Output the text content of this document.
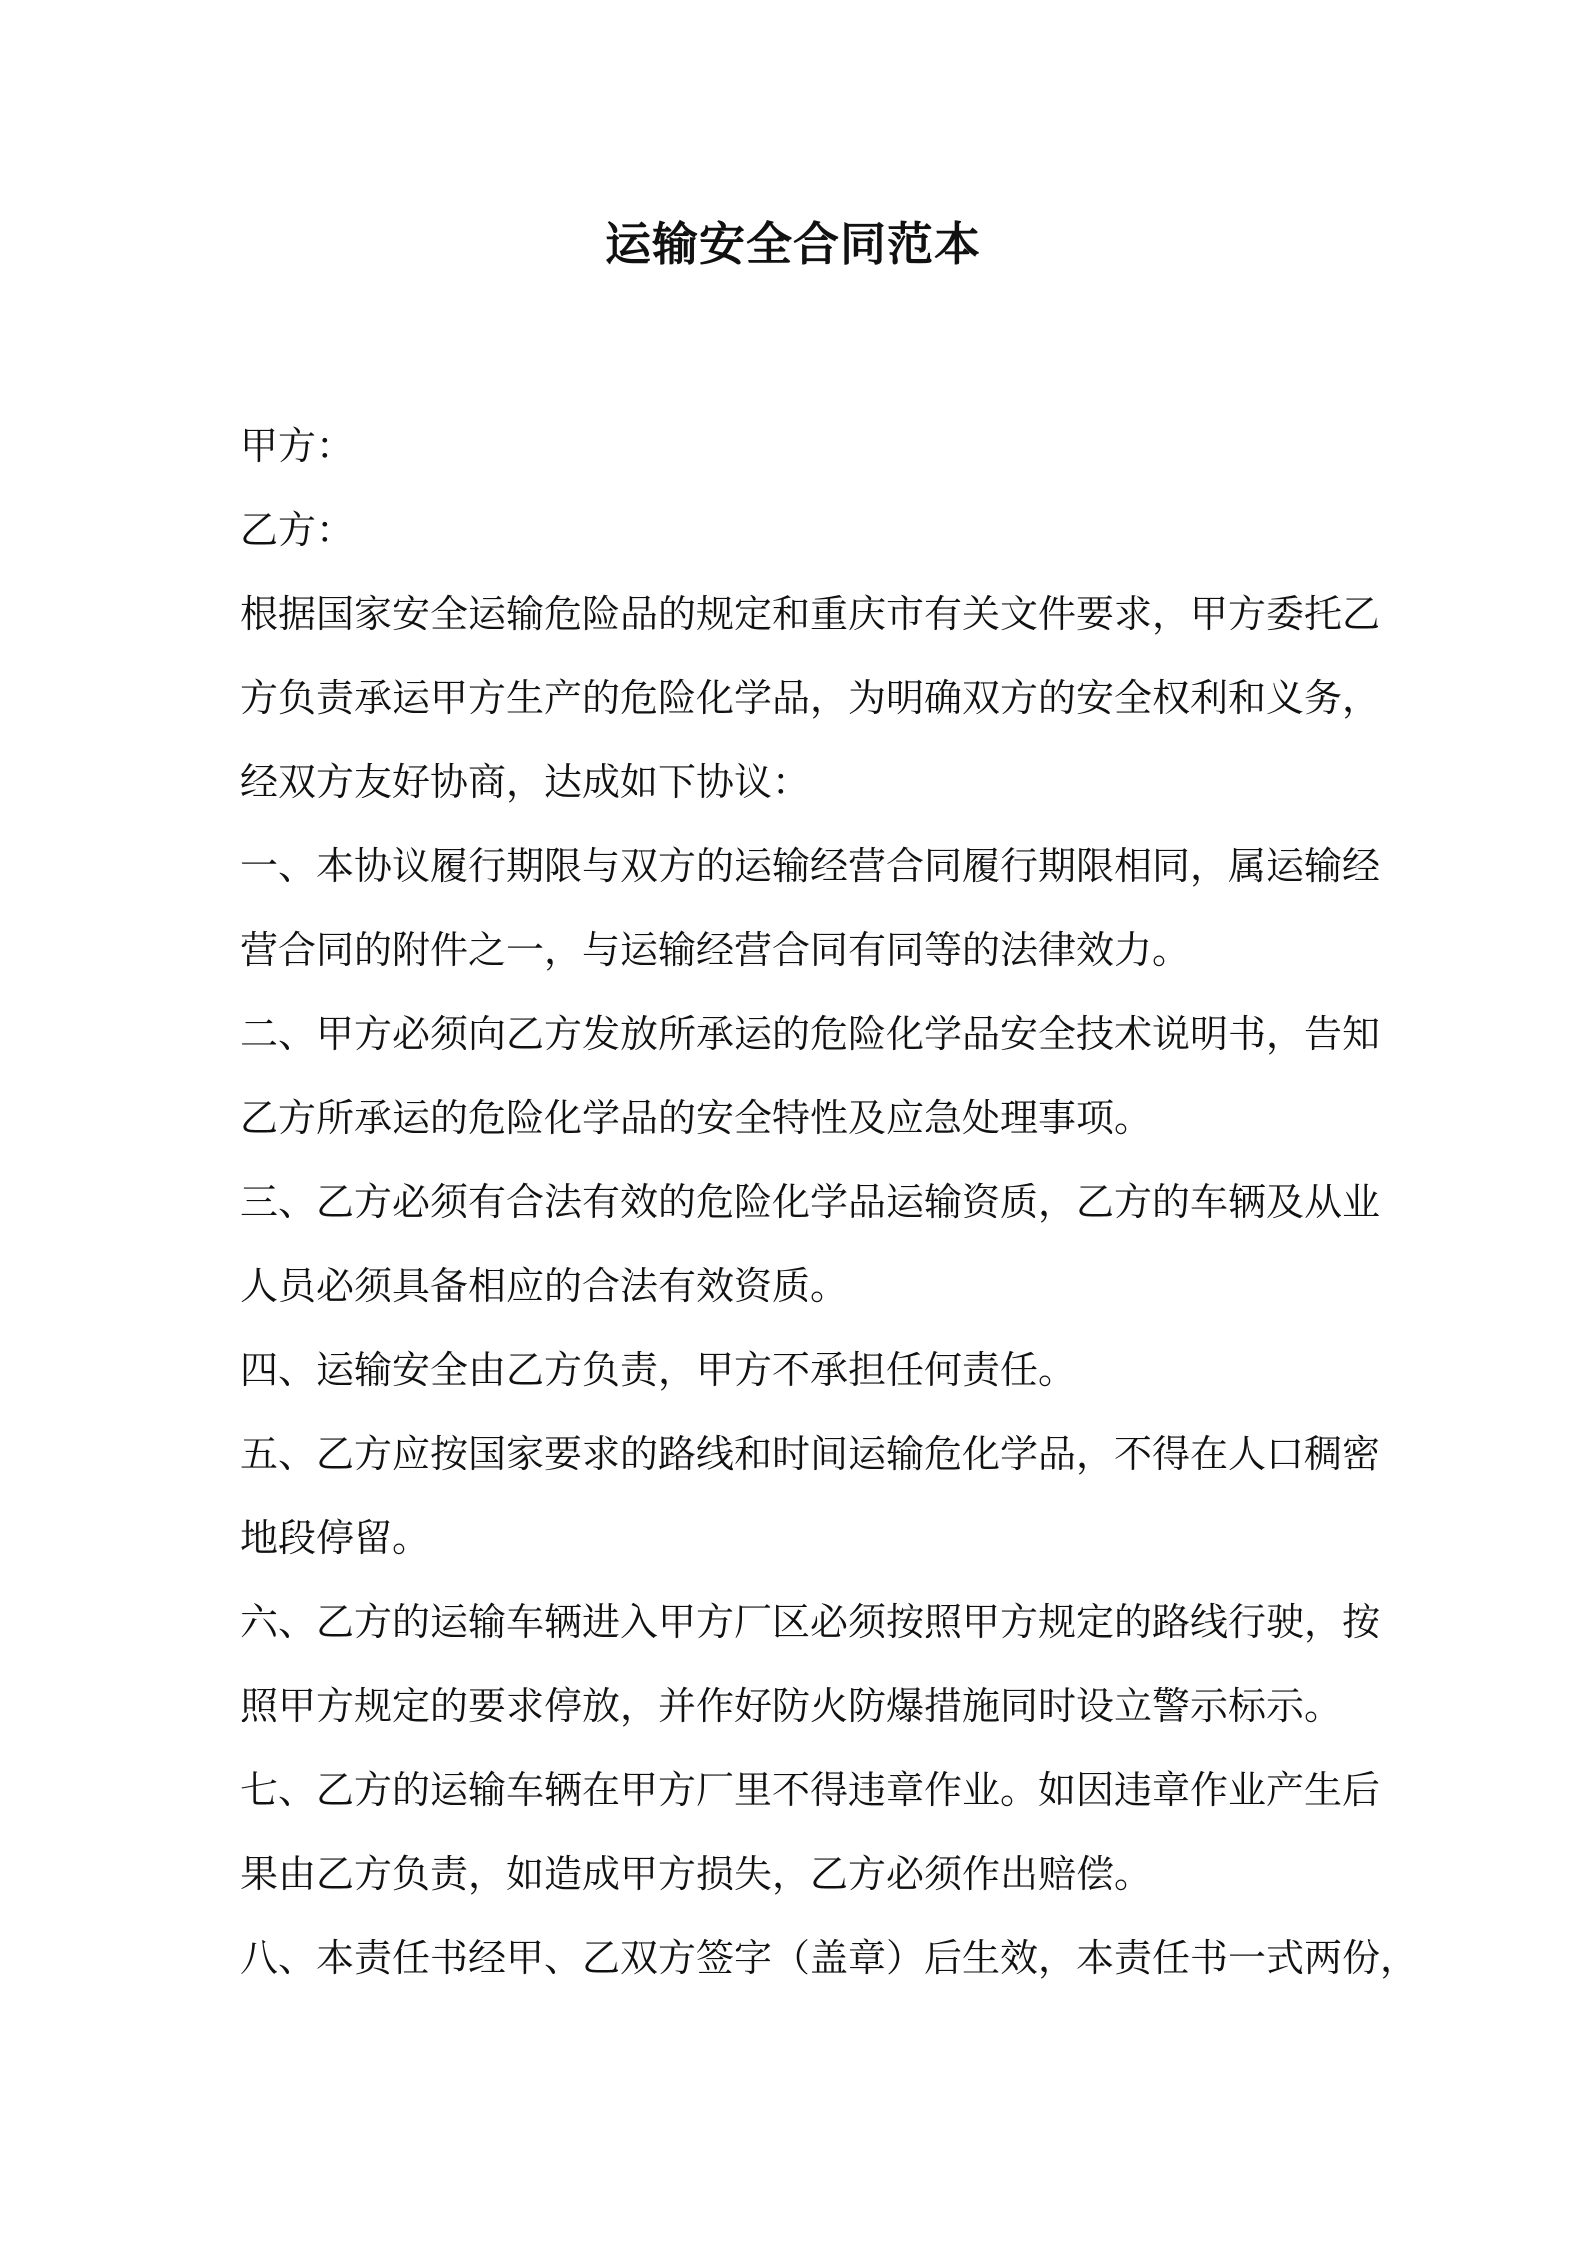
运输安全合同范本
甲方：
乙方：
根据国家安全运输危险品的规定和重庆市有关文件要求，甲方委托乙
方负责承运甲方生产的危险化学品，为明确双方的安全权利和义务，
经双方友好协商，达成如下协议：
一、本协议履行期限与双方的运输经营合同履行期限相同，属运输经
营合同的附件之一，与运输经营合同有同等的法律效力。
二、甲方必须向乙方发放所承运的危险化学品安全技术说明书，告知
乙方所承运的危险化学品的安全特性及应急处理事项。
三、乙方必须有合法有效的危险化学品运输资质，乙方的车辆及从业
人员必须具备相应的合法有效资质。
四、运输安全由乙方负责，甲方不承担任何责任。
五、乙方应按国家要求的路线和时间运输危化学品，不得在人口稠密
地段停留。
六、乙方的运输车辆进入甲方厂区必须按照甲方规定的路线行驶，按
照甲方规定的要求停放，并作好防火防爆措施同时设立警示标示。
七、乙方的运输车辆在甲方厂里不得违章作业。如因违章作业产生后
果由乙方负责，如造成甲方损失，乙方必须作出赔偿。
八、本责任书经甲、乙双方签字（盖章）后生效，本责任书一式两份，
